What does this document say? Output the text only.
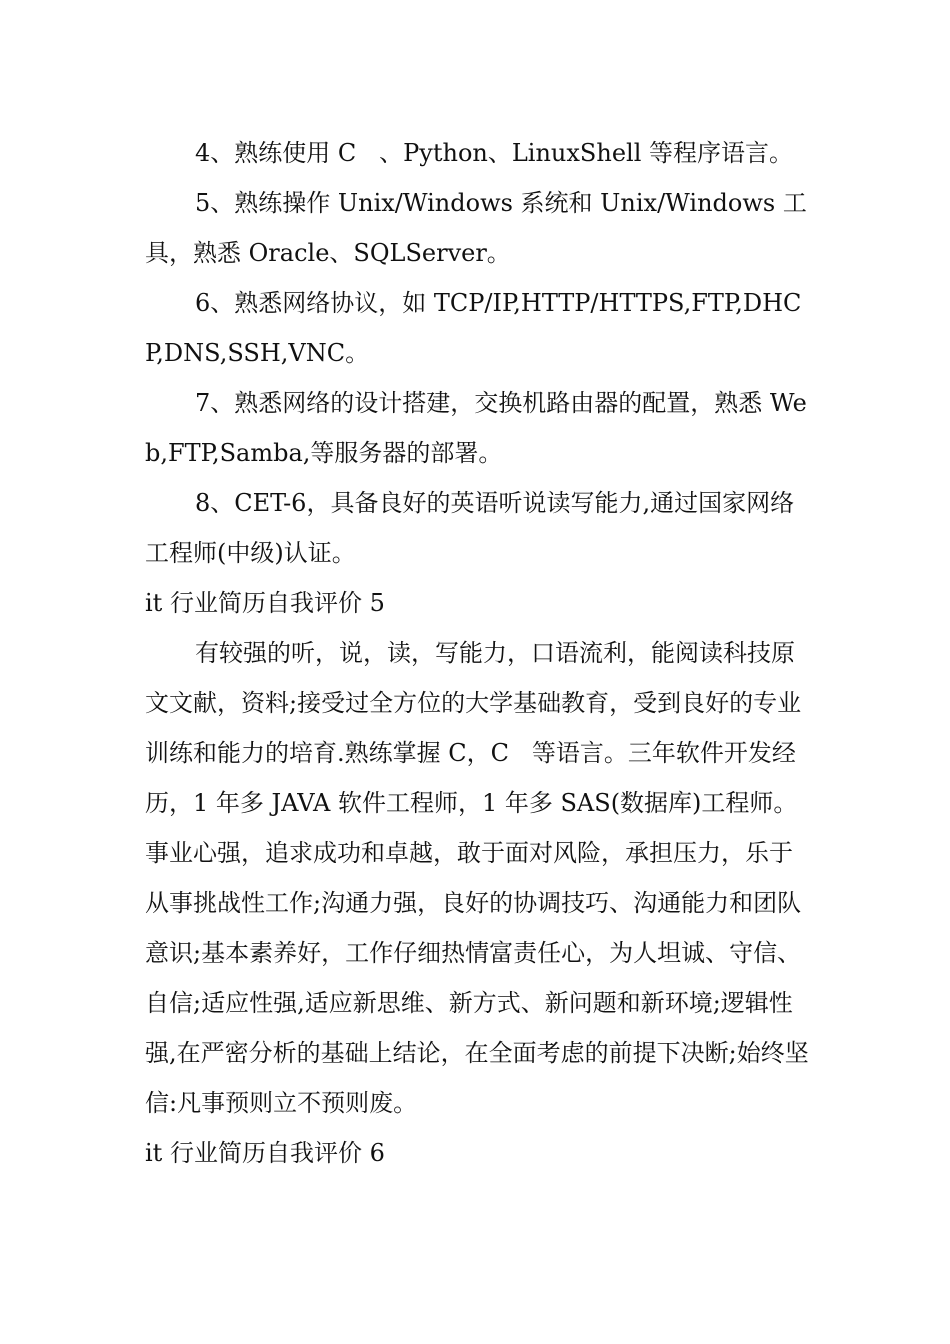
4、熟练使用 C   、Python、LinuxShell 等程序语言。

5、熟练操作 Unix/Windows 系统和 Unix/Windows 工具，熟悉 Oracle、SQLServer。

6、熟悉网络协议，如 TCP/IP,HTTP/HTTPS,FTP,DHCP,DNS,SSH,VNC。

7、熟悉网络的设计搭建，交换机路由器的配置，熟悉 Web,FTP,Samba,等服务器的部署。

8、CET-6，具备良好的英语听说读写能力,通过国家网络工程师(中级)认证。

it 行业简历自我评价 5

有较强的听，说，读，写能力，口语流利，能阅读科技原文文献，资料;接受过全方位的大学基础教育，受到良好的专业训练和能力的培育.熟练掌握 C，C   等语言。三年软件开发经历，1 年多 JAVA 软件工程师，1 年多 SAS(数据库)工程师。事业心强，追求成功和卓越，敢于面对风险，承担压力，乐于从事挑战性工作;沟通力强，良好的协调技巧、沟通能力和团队意识;基本素养好，工作仔细热情富责任心，为人坦诚、守信、自信;适应性强,适应新思维、新方式、新问题和新环境;逻辑性强,在严密分析的基础上结论，在全面考虑的前提下决断;始终坚信:凡事预则立不预则废。

it 行业简历自我评价 6
